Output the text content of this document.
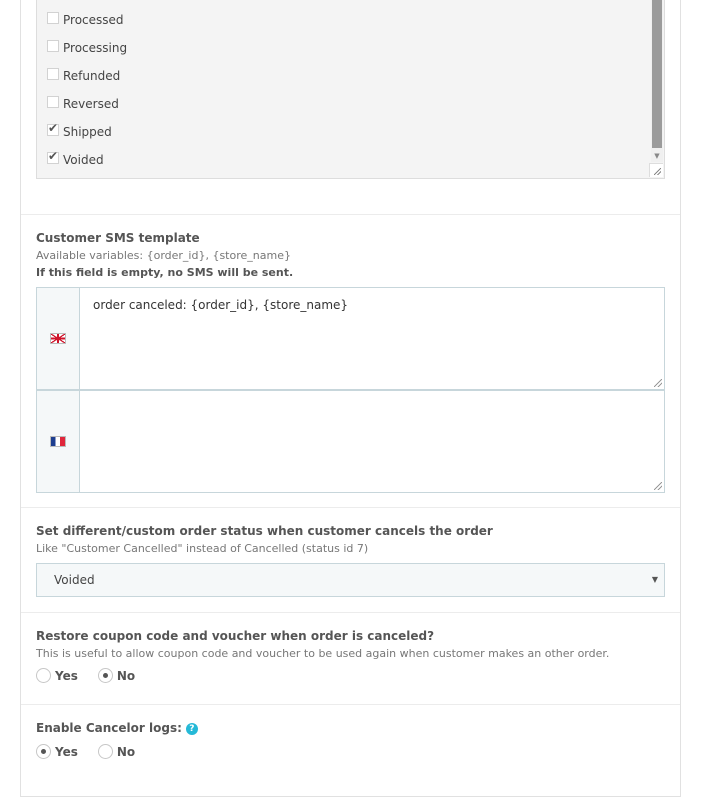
Processed
Processing
Refunded
Reversed
✔
Shipped
✔
Voided	▼
Customer SMS template
Available variables: {order_id}, {store_name}
If this field is empty, no SMS will be sent.
order canceled: {order_id}, {store_name}
Set different/custom order status when customer cancels the order
Like "Customer Cancelled" instead of Cancelled (status id 7)
Voided	▼
Restore coupon code and voucher when order is canceled?
This is useful to allow coupon code and voucher to be used again when customer makes an other order.
Yes	No
Enable Cancelor logs: ?
Yes	No
